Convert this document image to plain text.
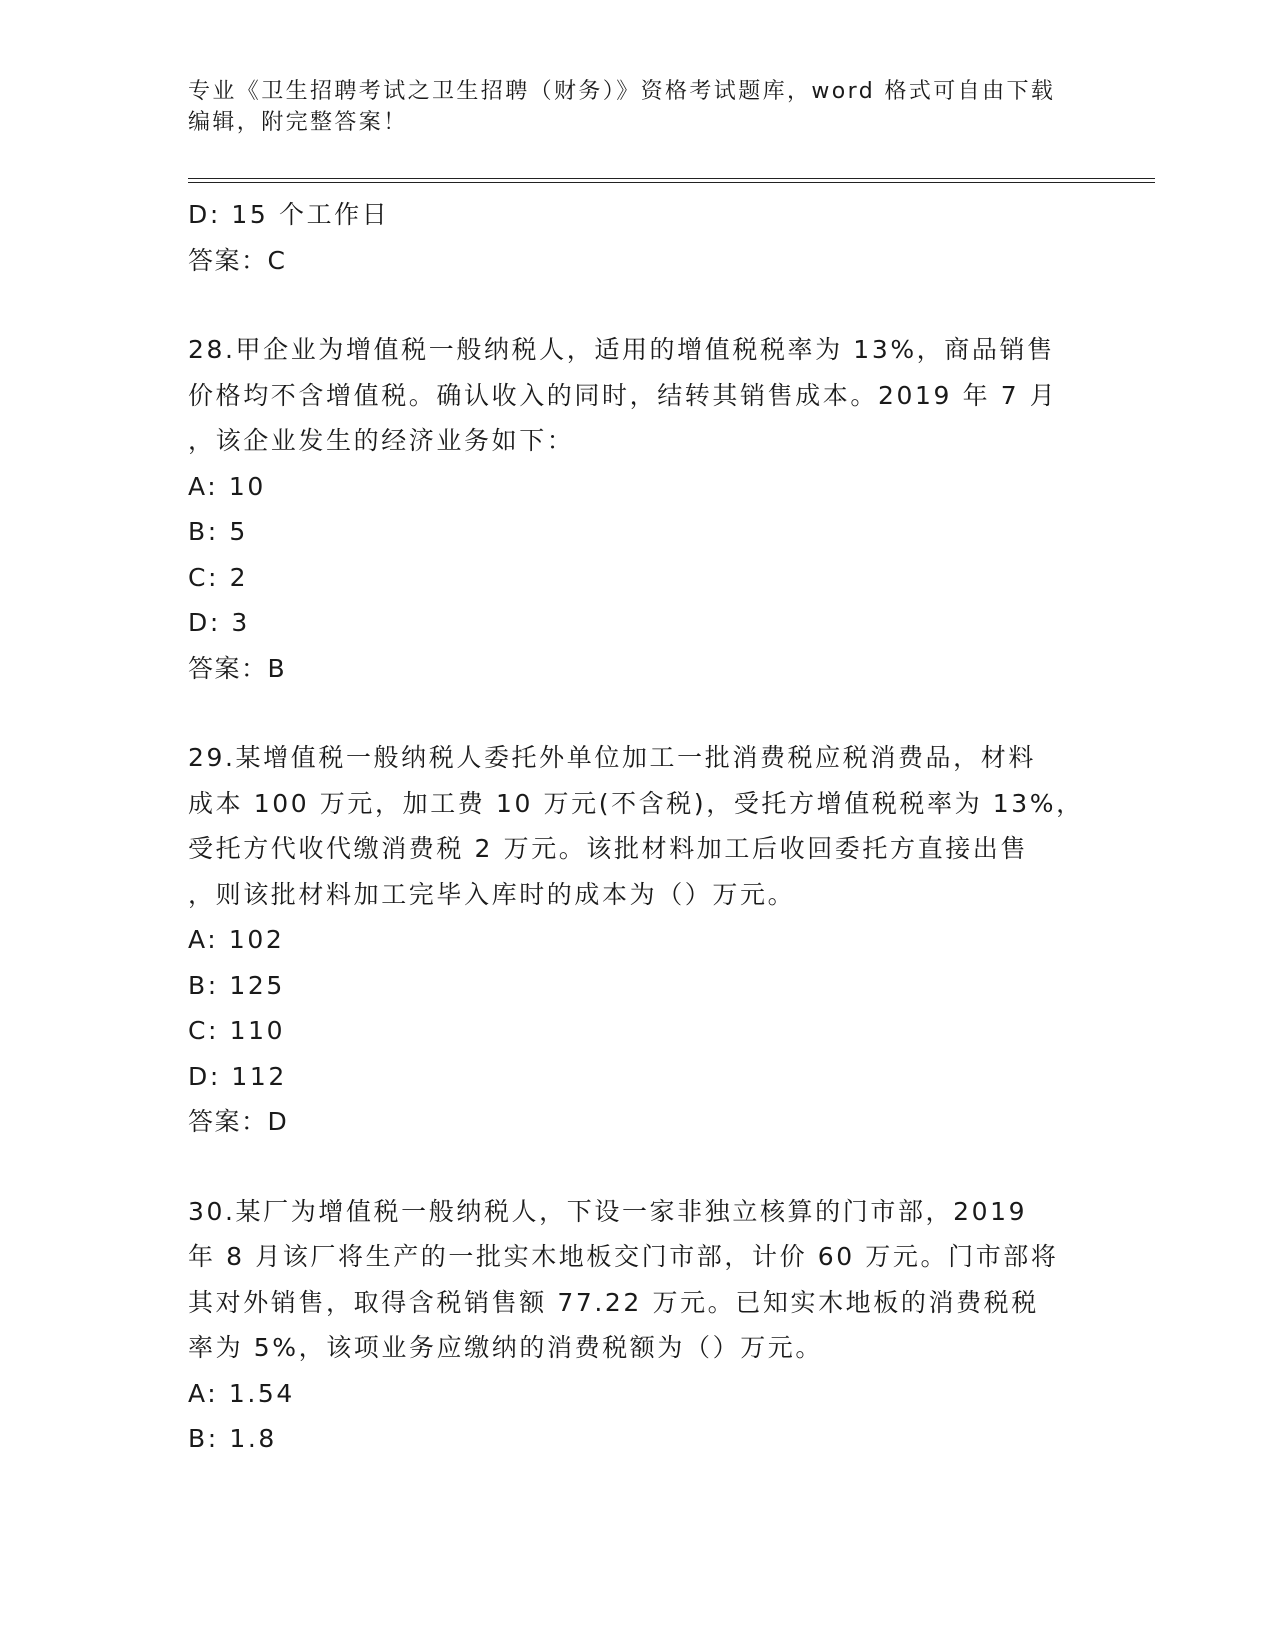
专业《卫生招聘考试之卫生招聘（财务）》资格考试题库，word 格式可自由下载
编辑，附完整答案！
D: 15 个工作日
答案：C
28.甲企业为增值税一般纳税人，适用的增值税税率为 13%，商品销售
价格均不含增值税。确认收入的同时，结转其销售成本。2019 年 7 月
，该企业发生的经济业务如下：
A: 10
B: 5
C: 2
D: 3
答案：B
29.某增值税一般纳税人委托外单位加工一批消费税应税消费品，材料
成本 100 万元，加工费 10 万元(不含税)，受托方增值税税率为 13%，
受托方代收代缴消费税 2 万元。该批材料加工后收回委托方直接出售
，则该批材料加工完毕入库时的成本为（）万元。
A: 102
B: 125
C: 110
D: 112
答案：D
30.某厂为增值税一般纳税人，下设一家非独立核算的门市部，2019
年 8 月该厂将生产的一批实木地板交门市部，计价 60 万元。门市部将
其对外销售，取得含税销售额 77.22 万元。已知实木地板的消费税税
率为 5%，该项业务应缴纳的消费税额为（）万元。
A: 1.54
B: 1.8
